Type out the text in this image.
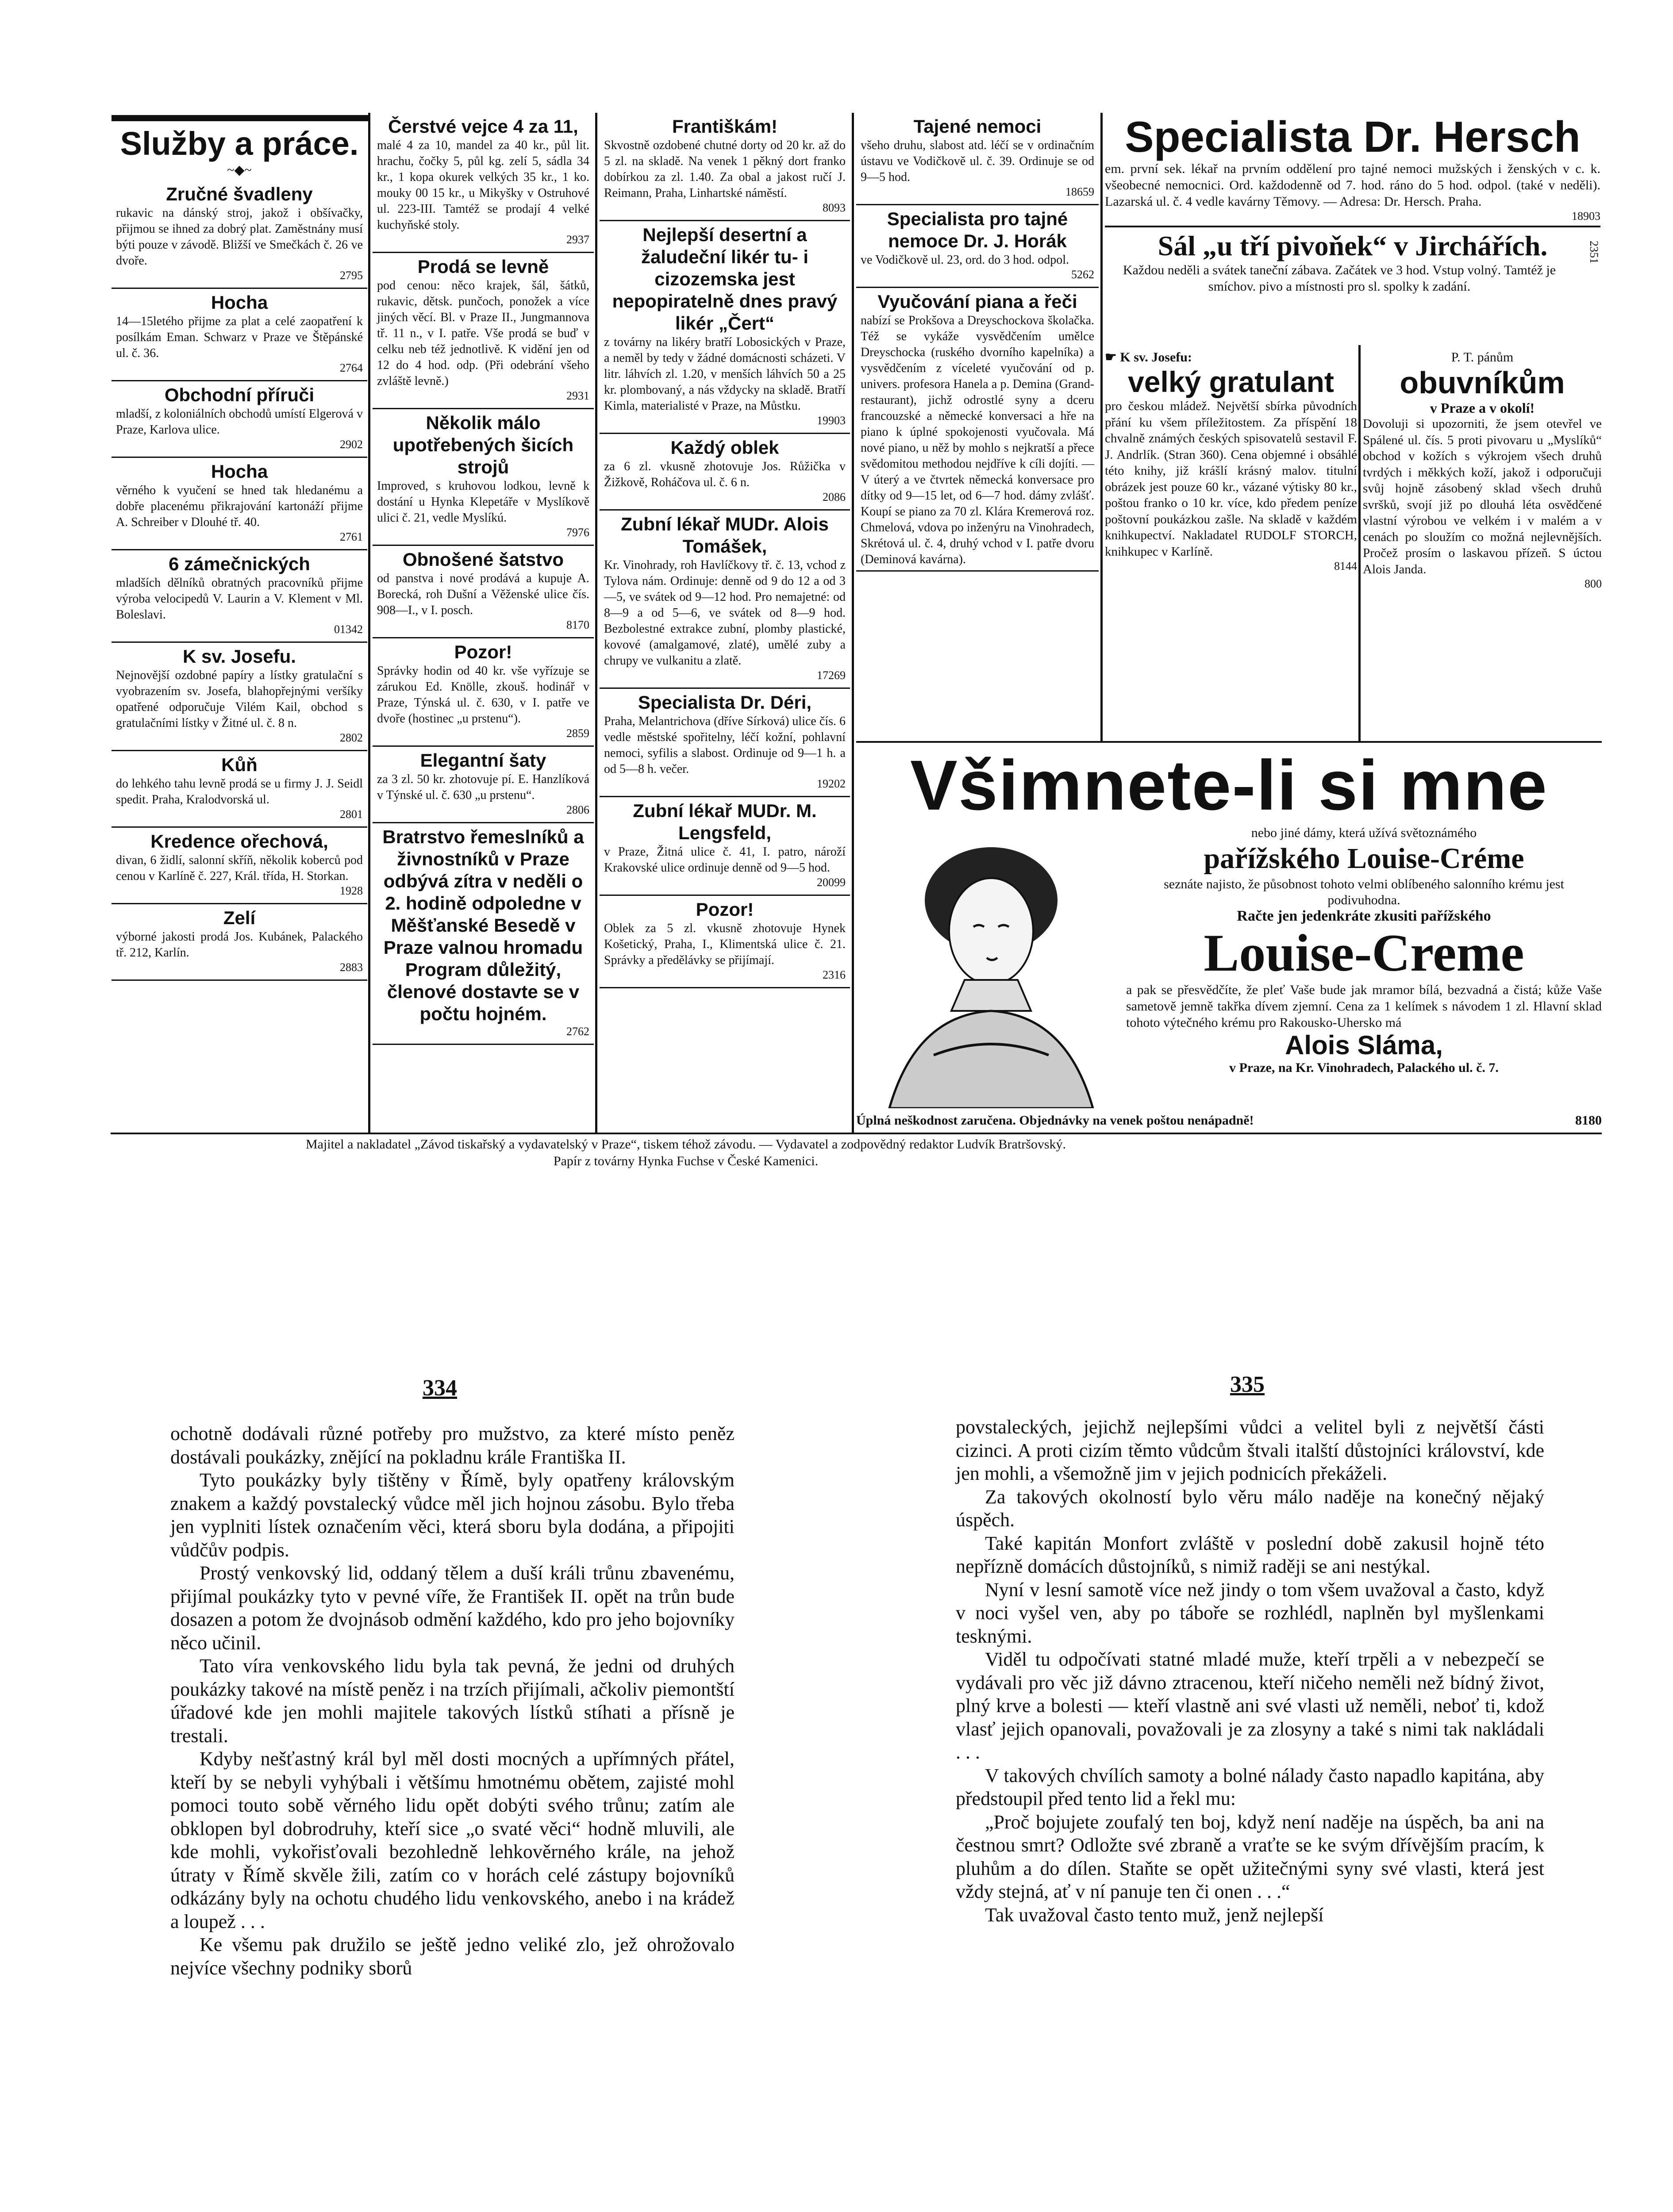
Služby a práce.

~◆~

Zručné švadleny

rukavic na dánský stroj, jakož i obšívačky, přijmou se ihned za dobrý plat. Zaměstnány musí býti pouze v závodě. Bližší ve Smečkách č. 26 ve dvoře.

2795

Hocha

14—15letého přijme za plat a celé zaopatření k posílkám Eman. Schwarz v Praze ve Štěpánské ul. č. 36.

2764

Obchodní příruči

mladší, z koloniálních obchodů umístí Elgerová v Praze, Karlova ulice.

2902

Hocha

věrného k vyučení se hned tak hledanému a dobře placenému přikrajování kartonáží přijme A. Schreiber v Dlouhé tř. 40.

2761

6 zámečnických

mladších dělníků obratných pracovníků přijme výroba velocipedů V. Laurin a V. Klement v Ml. Boleslavi.

01342

K sv. Josefu.

Nejnovější ozdobné papíry a lístky gratulační s vyobrazením sv. Josefa, blahopřejnými veršíky opatřené odporučuje Vilém Kail, obchod s gratulačními lístky v Žitné ul. č. 8 n.

2802

Kůň

do lehkého tahu levně prodá se u firmy J. J. Seidl spedit. Praha, Kralodvorská ul.

2801

Kredence ořechová,

divan, 6 židlí, salonní skříň, několik koberců pod cenou v Karlíně č. 227, Král. třída, H. Storkan.

1928

Zelí

výborné jakosti prodá Jos. Kubánek, Palackého tř. 212, Karlín.

2883

Čerstvé vejce 4 za 11,

malé 4 za 10, mandel za 40 kr., půl lit. hrachu, čočky 5, půl kg. zelí 5, sádla 34 kr., 1 kopa okurek velkých 35 kr., 1 ko. mouky 00 15 kr., u Mikyšky v Ostruhové ul. 223-III. Tamtéž se prodají 4 velké kuchyňské stoly.

2937

Prodá se levně

pod cenou: něco krajek, šál, šátků, rukavic, dětsk. punčoch, ponožek a více jiných věcí. Bl. v Praze II., Jungmannova tř. 11 n., v I. patře. Vše prodá se buď v celku neb též jednotlivě. K vidění jen od 12 do 4 hod. odp. (Při odebrání všeho zvláště levně.)

2931

Několik málo upotřebených šicích strojů

Improved, s kruhovou lodkou, levně k dostání u Hynka Klepetáře v Myslíkově ulici č. 21, vedle Myslíkú.

7976

Obnošené šatstvo

od panstva i nové prodává a kupuje A. Borecká, roh Dušní a Věženské ulice čís. 908—I., v I. posch.

8170

Pozor!

Správky hodin od 40 kr. vše vyřízuje se zárukou Ed. Knölle, zkouš. hodinář v Praze, Týnská ul. č. 630, v I. patře ve dvoře (hostinec „u prstenu“).

2859

Elegantní šaty

za 3 zl. 50 kr. zhotovuje pí. E. Hanzlíková v Týnské ul. č. 630 „u prstenu“.

2806

Bratrstvo řemeslníků a živnostníků v Praze odbývá zítra v neděli o 2. hodině odpoledne v Měšťanské Besedě v Praze valnou hromadu Program důležitý, členové dostavte se v počtu hojném.

2762

Františkám!

Skvostně ozdobené chutné dorty od 20 kr. až do 5 zl. na skladě. Na venek 1 pěkný dort franko dobírkou za zl. 1.40. Za obal a jakost ručí J. Reimann, Praha, Linhartské náměstí.

8093

Nejlepší desertní a žaludeční likér tu- i cizozemska jest nepopiratelně dnes pravý likér „Čert“

z továrny na likéry bratří Lobosických v Praze, a neměl by tedy v žádné domácnosti scházeti. V litr. láhvích zl. 1.20, v menších láhvích 50 a 25 kr. plombovaný, a nás vždycky na skladě. Bratří Kimla, materialisté v Praze, na Můstku.

19903

Každý oblek

za 6 zl. vkusně zhotovuje Jos. Růžička v Žižkově, Roháčova ul. č. 6 n.

2086

Zubní lékař MUDr. Alois Tomášek,

Kr. Vinohrady, roh Havlíčkovy tř. č. 13, vchod z Tylova nám. Ordinuje: denně od 9 do 12 a od 3—5, ve svátek od 9—12 hod. Pro nemajetné: od 8—9 a od 5—6, ve svátek od 8—9 hod. Bezbolestné extrakce zubní, plomby plastické, kovové (amalgamové, zlaté), umělé zuby a chrupy ve vulkanitu a zlatě.

17269

Specialista Dr. Déri,

Praha, Melantrichova (dříve Sírková) ulice čís. 6 vedle městské spořitelny, léčí kožní, pohlavní nemoci, syfilis a slabost. Ordinuje od 9—1 h. a od 5—8 h. večer.

19202

Zubní lékař MUDr. M. Lengsfeld,

v Praze, Žitná ulice č. 41, I. patro, nároží Krakovské ulice ordinuje denně od 9—5 hod.

20099

Pozor!

Oblek za 5 zl. vkusně zhotovuje Hynek Košetický, Praha, I., Klimentská ulice č. 21. Správky a předělávky se přijímají.

2316

Tajené nemoci

všeho druhu, slabost atd. léčí se v ordinačním ústavu ve Vodičkově ul. č. 39. Ordinuje se od 9—5 hod.

18659

Specialista pro tajné nemoce Dr. J. Horák

ve Vodičkově ul. 23, ord. do 3 hod. odpol.

5262

Vyučování piana a řeči

nabízí se Prokšova a Dreyschockova školačka. Též se vykáže vysvědčením umělce Dreyschocka (ruského dvorního kapelníka) a vysvědčením z víceleté vyučování od p. univers. profesora Hanela a p. Demina (Grand-restaurant), jichž odrostlé syny a dceru francouzské a německé konversaci a hře na piano k úplné spokojenosti vyučovala. Má nové piano, u něž by mohlo s nejkratší a přece svědomitou methodou nejdříve k cíli dojíti. — V úterý a ve čtvrtek německá konversace pro dítky od 9—15 let, od 6—7 hod. dámy zvlášť. Koupí se piano za 70 zl. Klára Kremerová roz. Chmelová, vdova po inženýru na Vinohradech, Skrétová ul. č. 4, druhý vchod v I. patře dvoru (Deminová kavárna).

Specialista Dr. Hersch

em. první sek. lékař na prvním oddělení pro tajné nemoci mužských i ženských v c. k. všeobecné nemocnici. Ord. každodenně od 7. hod. ráno do 5 hod. odpol. (také v neděli). Lazarská ul. č. 4 vedle kavárny Těmovy. — Adresa: Dr. Hersch. Praha.

18903

Sál „u tří pivoňek“ v Jirchářích.

Každou neděli a svátek taneční zábava. Začátek ve 3 hod. Vstup volný. Tamtéž je smíchov. pivo a místnosti pro sl. spolky k zadání.

2351

☛ K sv. Josefu:

velký gratulant

pro českou mládež. Největší sbírka původních přání ku všem příležitostem. Za příspění 18 chvalně známých českých spisovatelů sestavil F. J. Andrlík. (Stran 360). Cena objemné i obsáhlé této knihy, již krášlí krásný malov. titulní obrázek jest pouze 60 kr., vázané výtisky 80 kr., poštou franko o 10 kr. více, kdo předem peníze poštovní poukázkou zašle. Na skladě v každém knihkupectví. Nakladatel RUDOLF STORCH, knihkupec v Karlíně.

8144

P. T. pánům

obuvníkům

v Praze a v okolí!

Dovoluji si upozorniti, že jsem otevřel ve Spálené ul. čís. 5 proti pivovaru u „Myslíků“ obchod v kožích s výkrojem všech druhů tvrdých i měkkých koží, jakož i odporučuji svůj hojně zásobený sklad všech druhů svršků, svojí již po dlouhá léta osvědčené vlastní výrobou ve velkém i v malém a v cenách po sloužím co možná nejlevnějších. Pročež prosím o laskavou přízeň. S úctou Alois Janda.

800

Všimnete-li si mne

nebo jiné dámy, která užívá světoznámého

pařížského Louise-Créme

seznáte najisto, že působnost tohoto velmi oblíbeného salonního krému jest podivuhodna.

Račte jen jedenkráte zkusiti pařížského

Louise-Creme

a pak se přesvědčíte, že pleť Vaše bude jak mramor bílá, bezvadná a čistá; kůže Vaše sametově jemně takřka dívem zjemní. Cena za 1 kelímek s návodem 1 zl. Hlavní sklad tohoto výtečného krému pro Rakousko-Uhersko má

Alois Sláma,

v Praze, na Kr. Vinohradech, Palackého ul. č. 7.

Úplná neškodnost zaručena. Objednávky na venek poštou nenápadně!	8180

Majitel a nakladatel „Závod tiskařský a vydavatelský v Praze“, tiskem téhož závodu. — Vydavatel a zodpovědný redaktor Ludvík Bratršovský.
Papír z továrny Hynka Fuchse v České Kamenici.
334	335

ochotně dodávali různé potřeby pro mužstvo, za které místo peněz dostávali poukázky, znějící na pokladnu krále Františka II.

Tyto poukázky byly tištěny v Římě, byly opatřeny královským znakem a každý povstalecký vůdce měl jich hojnou zásobu. Bylo třeba jen vyplniti lístek označením věci, která sboru byla dodána, a připojiti vůdčův podpis.

Prostý venkovský lid, oddaný tělem a duší králi trůnu zbavenému, přijímal poukázky tyto v pevné víře, že František II. opět na trůn bude dosazen a potom že dvojnásob odmění každého, kdo pro jeho bojovníky něco učinil.

Tato víra venkovského lidu byla tak pevná, že jedni od druhých poukázky takové na místě peněz i na trzích přijímali, ačkoliv piemontští úřadové kde jen mohli majitele takových lístků stíhati a přísně je trestali.

Kdyby nešťastný král byl měl dosti mocných a upřímných přátel, kteří by se nebyli vyhýbali i většímu hmotnému obětem, zajisté mohl pomoci touto sobě věrného lidu opět dobýti svého trůnu; zatím ale obklopen byl dobrodruhy, kteří sice „o svaté věci“ hodně mluvili, ale kde mohli, vykořisťovali bezohledně lehkověrného krále, na jehož útraty v Římě skvěle žili, zatím co v horách celé zástupy bojovníků odkázány byly na ochotu chudého lidu venkovského, anebo i na krádež a loupež . . .

Ke všemu pak družilo se ještě jedno veliké zlo, jež ohrožovalo nejvíce všechny podniky sborů

povstaleckých, jejichž nejlepšími vůdci a velitel byli z největší části cizinci. A proti cizím těmto vůdcům štvali italští důstojníci království, kde jen mohli, a všemožně jim v jejich podnicích překáželi.

Za takových okolností bylo věru málo naděje na konečný nějaký úspěch.

Také kapitán Monfort zvláště v poslední době zakusil hojně této nepřízně domácích důstojníků, s nimiž raději se ani nestýkal.

Nyní v lesní samotě více než jindy o tom všem uvažoval a často, když v noci vyšel ven, aby po táboře se rozhlédl, naplněn byl myšlenkami tesknými.

Viděl tu odpočívati statné mladé muže, kteří trpěli a v nebezpečí se vydávali pro věc již dávno ztracenou, kteří ničeho neměli než bídný život, plný krve a bolesti — kteří vlastně ani své vlasti už neměli, neboť ti, kdož vlasť jejich opanovali, považovali je za zlosyny a také s nimi tak nakládali . . .

V takových chvílích samoty a bolné nálady často napadlo kapitána, aby předstoupil před tento lid a řekl mu:

„Proč bojujete zoufalý ten boj, když není naděje na úspěch, ba ani na čestnou smrt? Odložte své zbraně a vraťte se ke svým dřívějším pracím, k pluhům a do dílen. Staňte se opět užitečnými syny své vlasti, která jest vždy stejná, ať v ní panuje ten či onen . . .“

Tak uvažoval často tento muž, jenž nejlepší
